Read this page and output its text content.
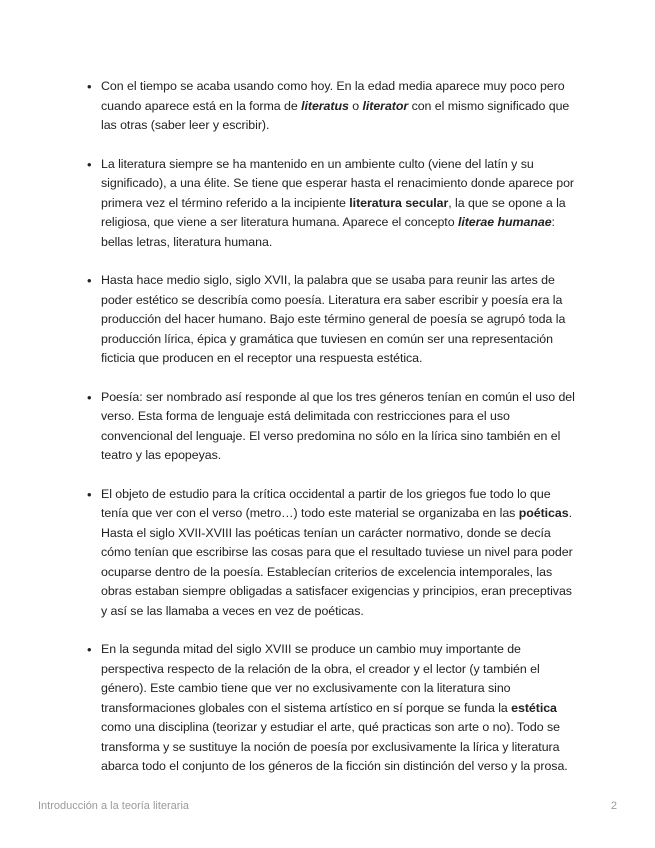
• Con el tiempo se acaba usando como hoy. En la edad media aparece muy poco pero cuando aparece está en la forma de literatus o literator con el mismo significado que las otras (saber leer y escribir).
• La literatura siempre se ha mantenido en un ambiente culto (viene del latín y su significado), a una élite. Se tiene que esperar hasta el renacimiento donde aparece por primera vez el término referido a la incipiente literatura secular, la que se opone a la religiosa, que viene a ser literatura humana. Aparece el concepto literae humanae: bellas letras, literatura humana.
• Hasta hace medio siglo, siglo XVII, la palabra que se usaba para reunir las artes de poder estético se describía como poesía. Literatura era saber escribir y poesía era la producción del hacer humano. Bajo este término general de poesía se agrupó toda la producción lírica, épica y gramática que tuviesen en común ser una representación ficticia que producen en el receptor una respuesta estética.
• Poesía: ser nombrado así responde al que los tres géneros tenían en común el uso del verso. Esta forma de lenguaje está delimitada con restricciones para el uso convencional del lenguaje. El verso predomina no sólo en la lírica sino también en el teatro y las epopeyas.
• El objeto de estudio para la crítica occidental a partir de los griegos fue todo lo que tenía que ver con el verso (metro…) todo este material se organizaba en las poéticas. Hasta el siglo XVII-XVIII las poéticas tenían un carácter normativo, donde se decía cómo tenían que escribirse las cosas para que el resultado tuviese un nivel para poder ocuparse dentro de la poesía. Establecían criterios de excelencia intemporales, las obras estaban siempre obligadas a satisfacer exigencias y principios, eran preceptivas y así se las llamaba a veces en vez de poéticas.
• En la segunda mitad del siglo XVIII se produce un cambio muy importante de perspectiva respecto de la relación de la obra, el creador y el lector (y también el género). Este cambio tiene que ver no exclusivamente con la literatura sino transformaciones globales con el sistema artístico en sí porque se funda la estética como una disciplina (teorizar y estudiar el arte, qué practicas son arte o no). Todo se transforma y se sustituye la noción de poesía por exclusivamente la lírica y literatura abarca todo el conjunto de los géneros de la ficción sin distinción del verso y la prosa.
Introducción a la teoría literaria	2
